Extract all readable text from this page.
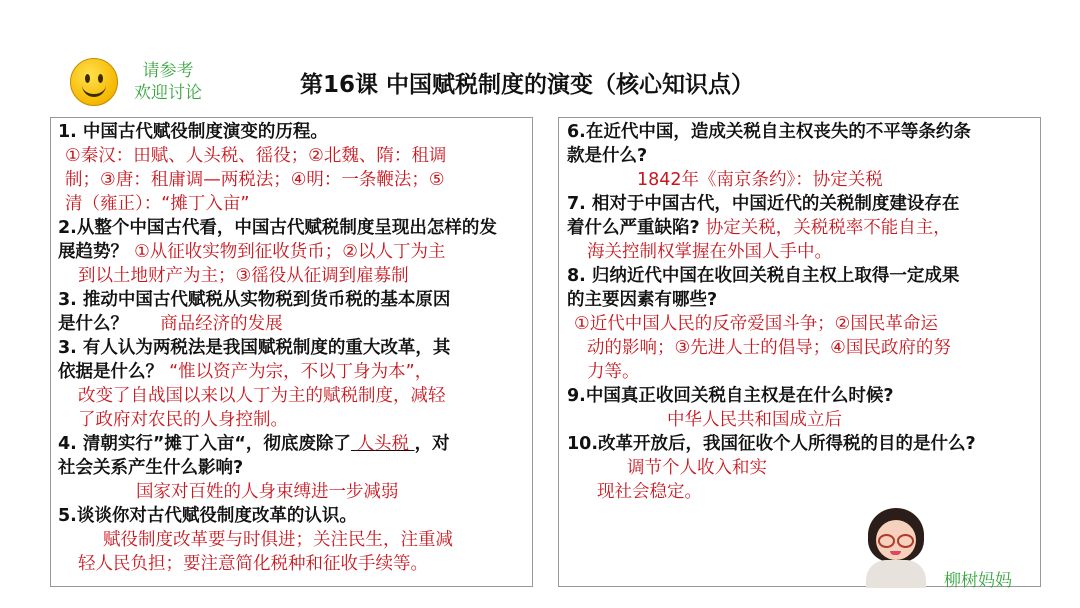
请参考
欢迎讨论	第16课 中国赋税制度的演变（核心知识点）

1. 中国古代赋役制度演变的历程。

①秦汉：田赋、人头税、徭役；②北魏、隋：租调

制；③唐：租庸调—两税法；④明：一条鞭法；⑤

清（雍正）：“摊丁入亩”

2.从整个中国古代看，中国古代赋税制度呈现出怎样的发

展趋势？ ①从征收实物到征收货币；②以人丁为主

到以土地财产为主；③徭役从征调到雇募制

3. 推动中国古代赋税从实物税到货币税的基本原因

是什么？ 商品经济的发展

3. 有人认为两税法是我国赋税制度的重大改革，其

依据是什么？ “惟以资产为宗，不以丁身为本”，

改变了自战国以来以人丁为主的赋税制度，减轻

了政府对农民的人身控制。

4. 清朝实行”摊丁入亩“，彻底废除了 人头税 ，对

社会关系产生什么影响?

国家对百姓的人身束缚进一步减弱

5.谈谈你对古代赋役制度改革的认识。

赋役制度改革要与时俱进；关注民生，注重减

轻人民负担；要注意简化税种和征收手续等。

6.在近代中国，造成关税自主权丧失的不平等条约条

款是什么?

1842年《南京条约》：协定关税

7. 相对于中国古代，中国近代的关税制度建设存在

着什么严重缺陷? 协定关税，关税税率不能自主，

海关控制权掌握在外国人手中。

8. 归纳近代中国在收回关税自主权上取得一定成果

的主要因素有哪些?

①近代中国人民的反帝爱国斗争；②国民革命运

动的影响；③先进人士的倡导；④国民政府的努

力等。

9.中国真正收回关税自主权是在什么时候?

中华人民共和国成立后

10.改革开放后，我国征收个人所得税的目的是什么?

调节个人收入和实

现社会稳定。

柳树妈妈
